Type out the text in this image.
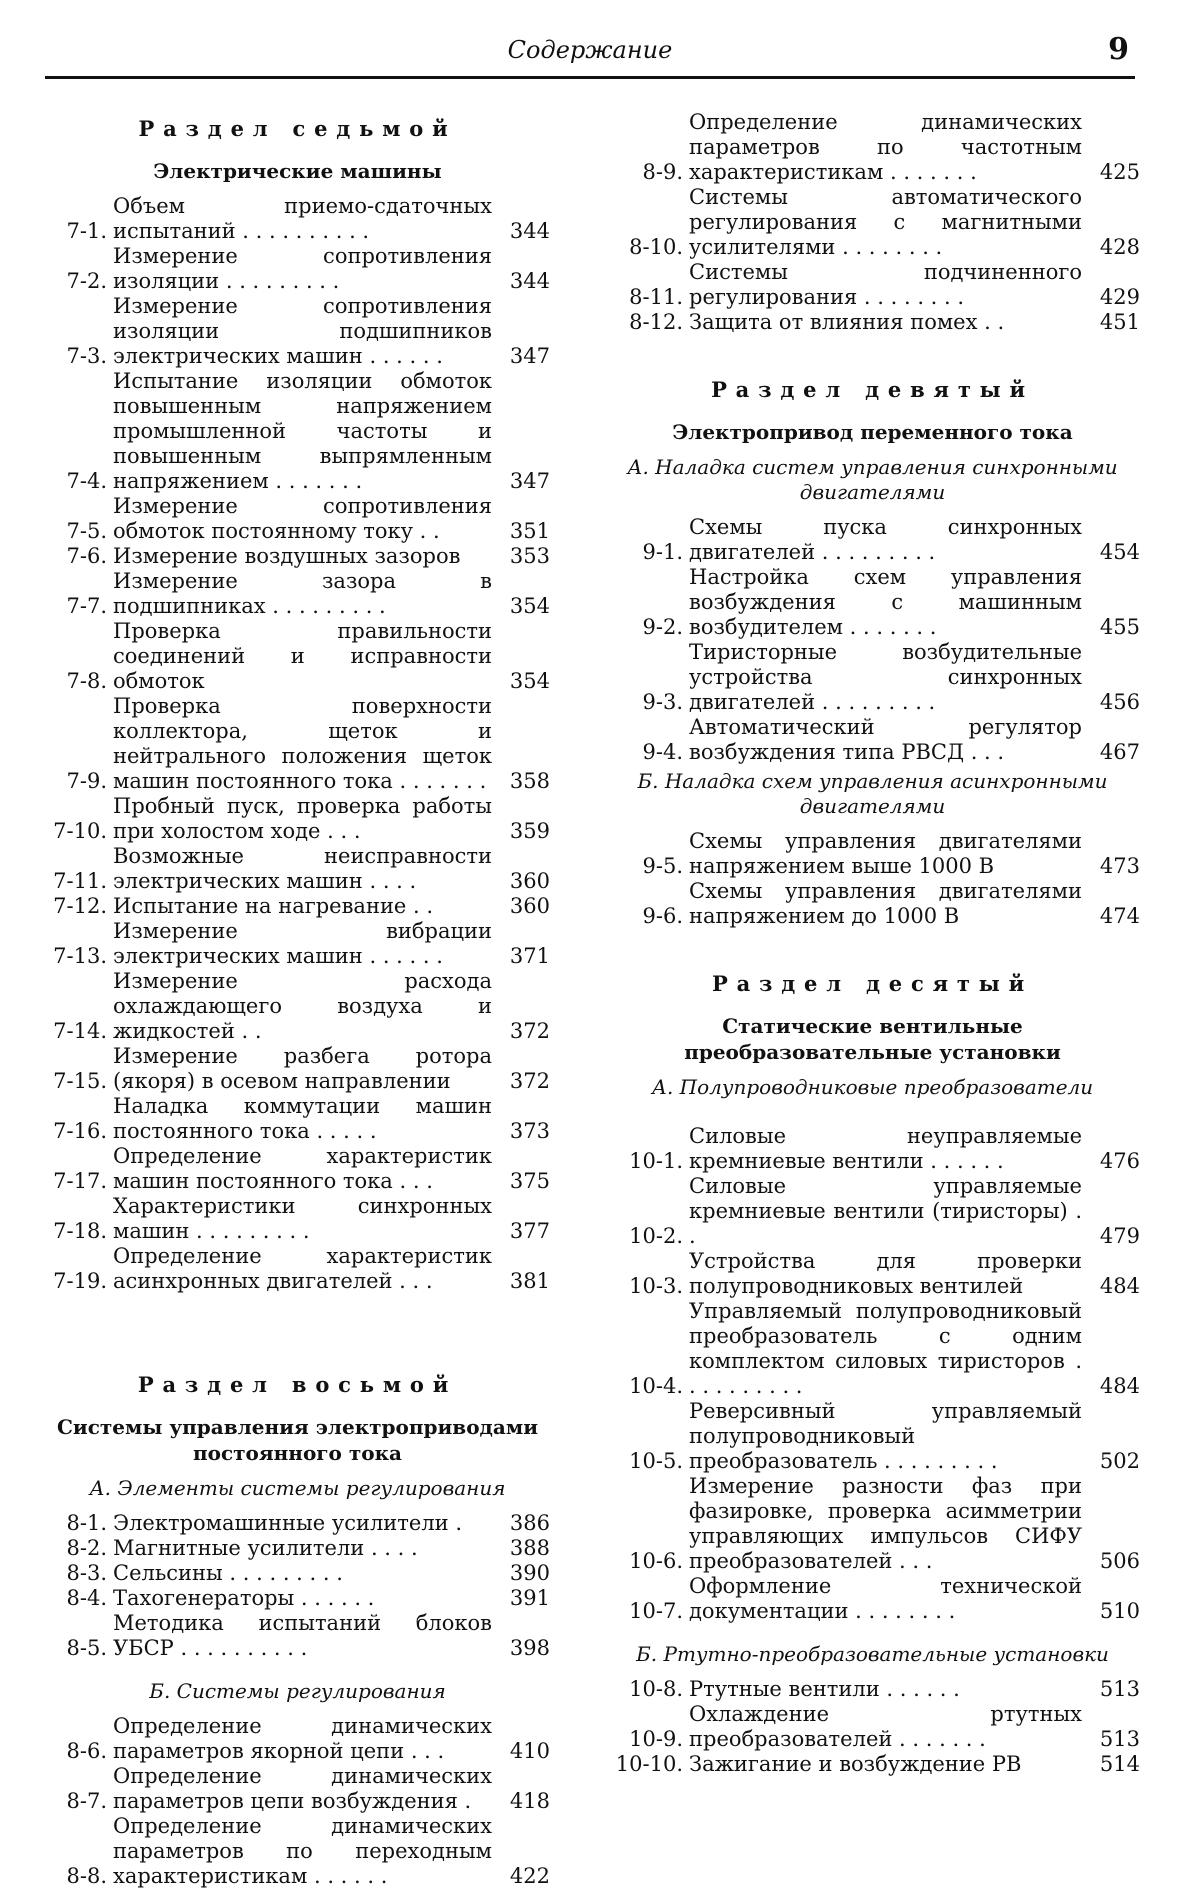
Содержание	9
Раздел седьмой
Электрические машины
7-1.
Объем приемо-сдаточных испытаний . . . . . . . . . .	344
7-2.
Измерение сопротивления изоляции . . . . . . . . .	344
7-3.
Измерение сопротивления изоляции подшипников электрических машин . . . . . .	347
7-4.
Испытание изоляции обмоток повышенным напряжением промышленной частоты и повышенным выпрямленным напряжением . . . . . . .	347
7-5.
Измерение сопротивления обмоток постоянному току . .	351
7-6. Измерение воздушных зазоров	353
7-7.
Измерение зазора в подшипниках . . . . . . . . .	354
7-8.
Проверка правильности соединений и исправности обмоток	354
7-9.
Проверка поверхности коллектора, щеток и нейтрального положения щеток машин постоянного тока . . . . . . .	358
7-10.
Пробный пуск, проверка работы при холостом ходе . . .	359
7-11.
Возможные неисправности электрических машин . . . .	360
7-12. Испытание на нагревание . .	360
7-13.
Измерение вибрации электрических машин . . . . . .	371
7-14.
Измерение расхода охлаждающего воздуха и жидкостей . .	372
7-15.
Измерение разбега ротора (якоря) в осевом направлении	372
7-16.
Наладка коммутации машин постоянного тока . . . . .	373
7-17.
Определение характеристик машин постоянного тока . . .	375
7-18.
Характеристики синхронных машин . . . . . . . . .	377
7-19.
Определение характеристик асинхронных двигателей . . .	381
Раздел восьмой
Системы управления электроприводами постоянного тока
А. Элементы системы регулирования
8-1. Электромашинные усилители .	386
8-2. Магнитные усилители . . . .	388
8-3. Сельсины . . . . . . . . .	390
8-4. Тахогенераторы . . . . . .	391
8-5.
Методика испытаний блоков УБСР . . . . . . . . . .	398
Б. Системы регулирования
8-6.
Определение динамических параметров якорной цепи . . .	410
8-7.
Определение динамических параметров цепи возбуждения .	418
8-8.
Определение динамических параметров по переходным характеристикам . . . . . .	422
8-9.
Определение динамических параметров по частотным характеристикам . . . . . . .	425
8-10.
Системы автоматического регулирования с магнитными усилителями . . . . . . . .	428
8-11.
Системы подчиненного регулирования . . . . . . . .	429
8-12. Защита от влияния помех . .	451
Раздел девятый
Электропривод переменного тока
А. Наладка систем управления синхронными двигателями
9-1.
Схемы пуска синхронных двигателей . . . . . . . . .	454
9-2.
Настройка схем управления возбуждения с машинным возбудителем . . . . . . .	455
9-3.
Тиристорные возбудительные устройства синхронных двигателей . . . . . . . . .	456
9-4.
Автоматический регулятор возбуждения типа РВСД . . .	467
Б. Наладка схем управления асинхронными двигателями
9-5.
Схемы управления двигателями напряжением выше 1000 В	473
9-6.
Схемы управления двигателями напряжением до 1000 В	474
Раздел десятый
Статические вентильные преобразовательные установки
А. Полупроводниковые преобразователи
10-1.
Силовые неуправляемые кремниевые вентили . . . . . .	476
10-2.
Силовые управляемые кремниевые вентили (тиристоры) . .	479
10-3.
Устройства для проверки полупроводниковых вентилей	484
10-4.
Управляемый полупроводниковый преобразователь с одним комплектом силовых тиристоров . . . . . . . . . .	484
10-5.
Реверсивный управляемый полупроводниковый преобразователь . . . . . . . . .	502
10-6.
Измерение разности фаз при фазировке, проверка асимметрии управляющих импульсов СИФУ преобразователей . . .	506
10-7.
Оформление технической документации . . . . . . . .	510
Б. Ртутно-преобразовательные установки
10-8. Ртутные вентили . . . . . .	513
10-9.
Охлаждение ртутных преобразователей . . . . . . .	513
10-10. Зажигание и возбуждение РВ	514
